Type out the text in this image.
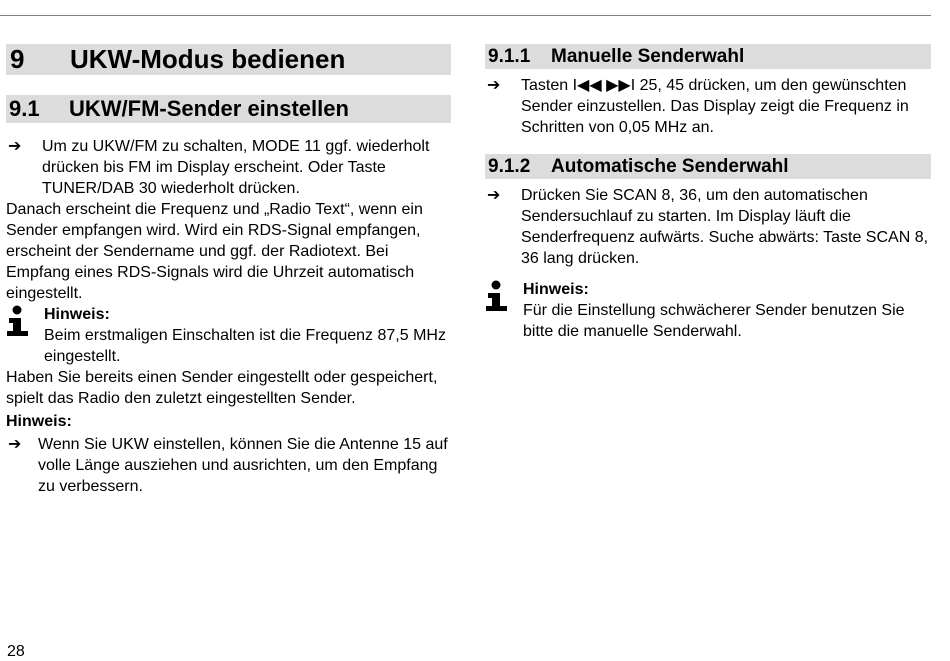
9	UKW-Modus bedienen
9.1	UKW/FM-Sender einstellen
➔	Um zu UKW/FM zu schalten, MODE 11 ggf. wiederholt drücken bis FM im Display erscheint. Oder Taste TUNER/DAB 30 wiederholt drücken.
Danach erscheint die Frequenz und „Radio Text“, wenn ein Sender empfangen wird. Wird ein RDS-Signal empfangen, erscheint der Sendername und ggf. der Radiotext. Bei Empfang eines RDS-Signals wird die Uhrzeit automatisch eingestellt.
Hinweis:
Beim erstmaligen Einschalten ist die Frequenz 87,5 MHz eingestellt.
Haben Sie bereits einen Sender eingestellt oder gespeichert, spielt das Radio den zuletzt eingestellten Sender.
Hinweis:
➔	Wenn Sie UKW einstellen, können Sie die Antenne 15 auf volle Länge ausziehen und ausrichten, um den Empfang zu verbessern.
9.1.1	Manuelle Senderwahl
➔	Tasten I◀◀ ▶▶I 25, 45 drücken, um den gewünschten Sender einzustellen. Das Display zeigt die Frequenz in Schritten von 0,05 MHz an.
9.1.2	Automatische Senderwahl
➔	Drücken Sie SCAN 8, 36, um den automatischen Sendersuchlauf zu starten. Im Display läuft die Senderfrequenz aufwärts. Suche abwärts: Taste SCAN 8, 36 lang drücken.
Hinweis:
Für die Einstellung schwächerer Sender benutzen Sie bitte die manuelle Senderwahl.
28
